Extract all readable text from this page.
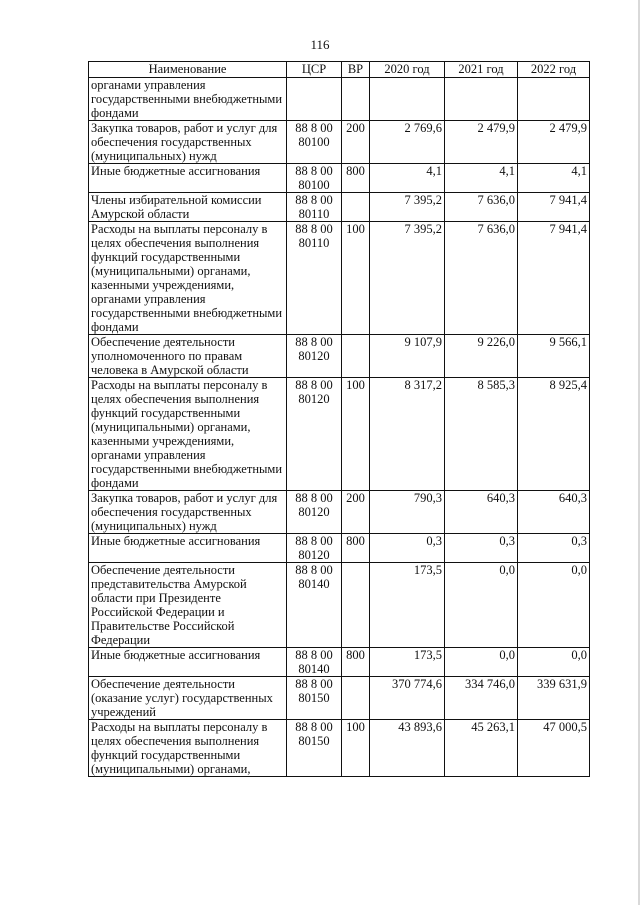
116
Наименование	ЦСР	ВР	2020 год	2021 год	2022 год
органами управления государственными внебюджетными фондами					
Закупка товаров, работ и услуг для обеспечения государственных (муниципальных) нужд	88 8 00 80100	200	2 769,6	2 479,9	2 479,9
Иные бюджетные ассигнования	88 8 00 80100	800	4,1	4,1	4,1
Члены избирательной комиссии Амурской области	88 8 00 80110		7 395,2	7 636,0	7 941,4
Расходы на выплаты персоналу в целях обеспечения выполнения функций государственными (муниципальными) органами, казенными учреждениями, органами управления государственными внебюджетными фондами	88 8 00 80110	100	7 395,2	7 636,0	7 941,4
Обеспечение деятельности уполномоченного по правам человека в Амурской области	88 8 00 80120		9 107,9	9 226,0	9 566,1
Расходы на выплаты персоналу в целях обеспечения выполнения функций государственными (муниципальными) органами, казенными учреждениями, органами управления государственными внебюджетными фондами	88 8 00 80120	100	8 317,2	8 585,3	8 925,4
Закупка товаров, работ и услуг для обеспечения государственных (муниципальных) нужд	88 8 00 80120	200	790,3	640,3	640,3
Иные бюджетные ассигнования	88 8 00 80120	800	0,3	0,3	0,3
Обеспечение деятельности представительства Амурской области при Президенте Российской Федерации и Правительстве Российской Федерации	88 8 00 80140		173,5	0,0	0,0
Иные бюджетные ассигнования	88 8 00 80140	800	173,5	0,0	0,0
Обеспечение деятельности (оказание услуг) государственных учреждений	88 8 00 80150		370 774,6	334 746,0	339 631,9
Расходы на выплаты персоналу в целях обеспечения выполнения функций государственными (муниципальными) органами,	88 8 00 80150	100	43 893,6	45 263,1	47 000,5
